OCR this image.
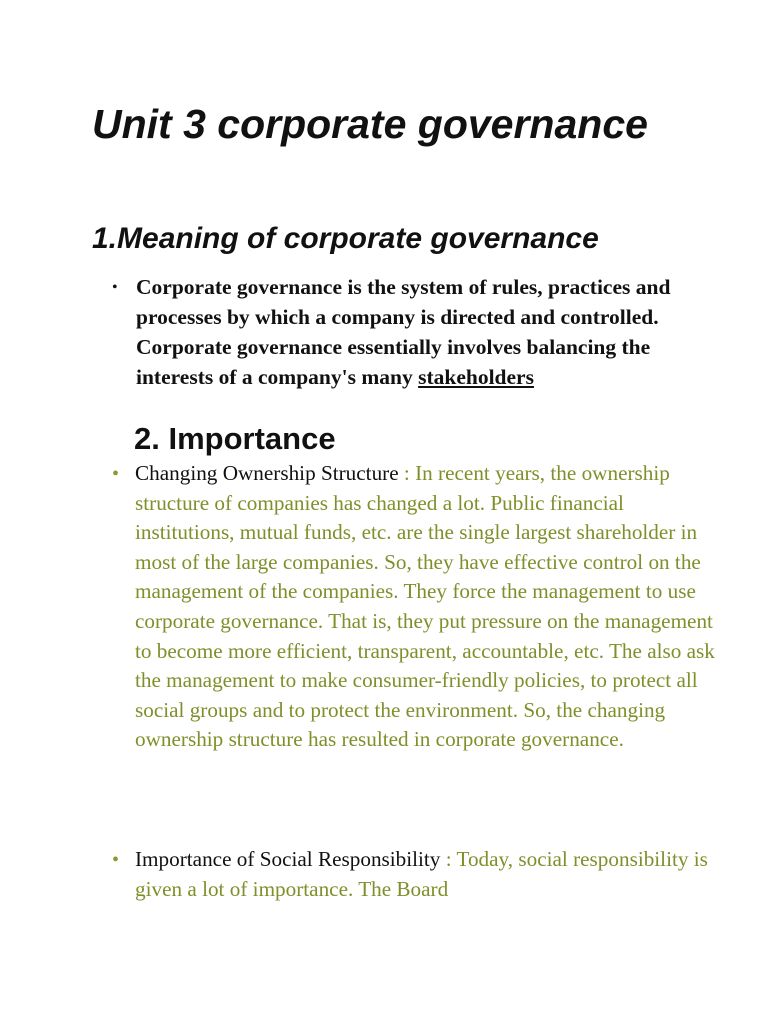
Unit 3 corporate governance
1.Meaning of corporate governance
• Corporate governance is the system of rules, practices and processes by which a company is directed and controlled. Corporate governance essentially involves balancing the interests of a company's many stakeholders

2. Importance
• Changing Ownership Structure : In recent years, the ownership structure of companies has changed a lot. Public financial institutions, mutual funds, etc. are the single largest shareholder in most of the large companies. So, they have effective control on the management of the companies. They force the management to use corporate governance. That is, they put pressure on the management to become more efficient, transparent, accountable, etc. The also ask the management to make consumer-friendly policies, to protect all social groups and to protect the environment. So, the changing ownership structure has resulted in corporate governance.

• Importance of Social Responsibility : Today, social responsibility is given a lot of importance. The Board
